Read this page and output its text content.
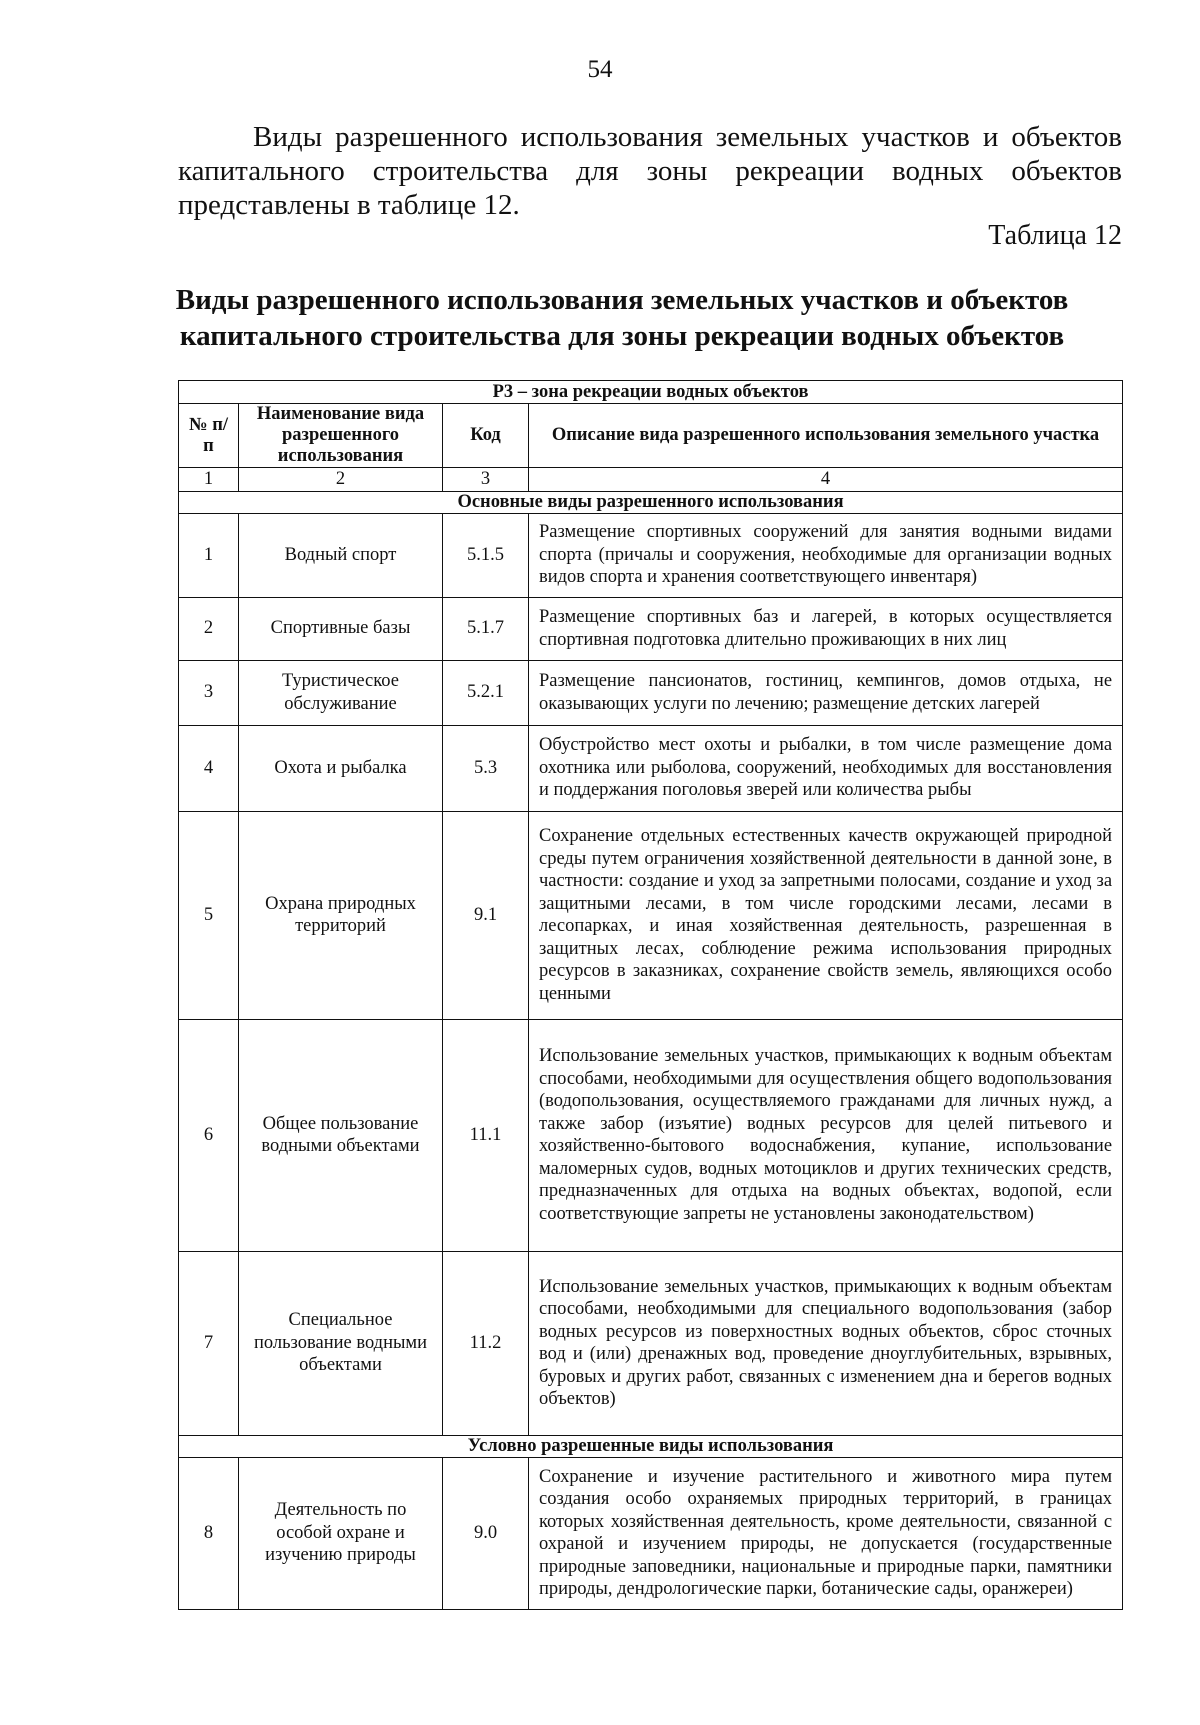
54

Виды разрешенного использования земельных участков и объектов капитального строительства для зоны рекреации водных объектов представлены в таблице 12.

Таблица 12
Виды разрешенного использования земельных участков и объектов капитального строительства для зоны рекреации водных объектов
Р3 – зона рекреации водных объектов			
№ п/п	Наименование вида разрешенного использования	Код	Описание вида разрешенного использования земельного участка
1	2	3	4
Основные виды разрешенного использования			
1	Водный спорт	5.1.5	Размещение спортивных сооружений для занятия водными видами спорта (причалы и сооружения, необходимые для организации водных видов спорта и хранения соответствующего инвентаря)
2	Спортивные базы	5.1.7	Размещение спортивных баз и лагерей, в которых осуществляется спортивная подготовка длительно проживающих в них лиц
3	Туристическое обслуживание	5.2.1	Размещение пансионатов, гостиниц, кемпингов, домов отдыха, не оказывающих услуги по лечению; размещение детских лагерей
4	Охота и рыбалка	5.3	Обустройство мест охоты и рыбалки, в том числе размещение дома охотника или рыболова, сооружений, необходимых для восстановления и поддержания поголовья зверей или количества рыбы
5	Охрана природных территорий	9.1	Сохранение отдельных естественных качеств окружающей природной среды путем ограничения хозяйственной деятельности в данной зоне, в частности: создание и уход за запретными полосами, создание и уход за защитными лесами, в том числе городскими лесами, лесами в лесопарках, и иная хозяйственная деятельность, разрешенная в защитных лесах, соблюдение режима использования природных ресурсов в заказниках, сохранение свойств земель, являющихся особо ценными
6	Общее пользование водными объектами	11.1	Использование земельных участков, примыкающих к водным объектам способами, необходимыми для осуществления общего водопользования (водопользования, осуществляемого гражданами для личных нужд, а также забор (изъятие) водных ресурсов для целей питьевого и хозяйственно-бытового водоснабжения, купание, использование маломерных судов, водных мотоциклов и других технических средств, предназначенных для отдыха на водных объектах, водопой, если соответствующие запреты не установлены законодательством)
7	Специальное пользование водными объектами	11.2	Использование земельных участков, примыкающих к водным объектам способами, необходимыми для специального водопользования (забор водных ресурсов из поверхностных водных объектов, сброс сточных вод и (или) дренажных вод, проведение дноуглубительных, взрывных, буровых и других работ, связанных с изменением дна и берегов водных объектов)
Условно разрешенные виды использования			
8	Деятельность по особой охране и изучению природы	9.0	Сохранение и изучение растительного и животного мира путем создания особо охраняемых природных территорий, в границах которых хозяйственная деятельность, кроме деятельности, связанной с охраной и изучением природы, не допускается (государственные природные заповедники, национальные и природные парки, памятники природы, дендрологические парки, ботанические сады, оранжереи)
